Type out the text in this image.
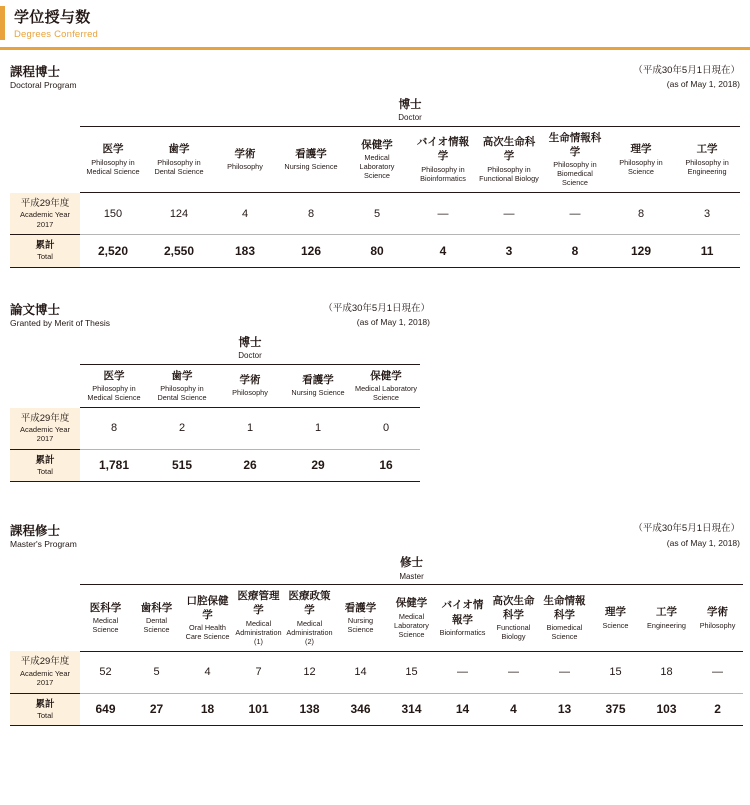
学位授与数
Degrees Conferred
課程博士
Doctoral Program
（平成30年5月1日現在）
(as of May 1, 2018)

	博士
Doctor									

医学
Philosophy in Medical Science

歯学
Philosophy in Dental Science

学術
Philosophy

看護学
Nursing Science

保健学
Medical Laboratory Science

バイオ情報学
Philosophy in Bioinformatics

高次生命科学
Philosophy in Functional Biology

生命情報科学
Philosophy in Biomedical Science

理学
Philosophy in Science

工学
Philosophy in Engineering

平成29年度
Academic Year 2017	150	124	4	8	5	—	—	—	8	3

累計
Total	2,520	2,550	183	126	80	4	3	8	129	11
論文博士
Granted by Merit of Thesis
（平成30年5月1日現在）
(as of May 1, 2018)

	博士
Doctor				

医学
Philosophy in Medical Science

歯学
Philosophy in Dental Science

学術
Philosophy

看護学
Nursing Science

保健学
Medical Laboratory Science

平成29年度
Academic Year 2017	8	2	1	1	0

累計
Total	1,781	515	26	29	16
課程修士
Master's Program
（平成30年5月1日現在）
(as of May 1, 2018)

	修士
Master												

医科学
Medical Science

歯科学
Dental Science

口腔保健学
Oral Health Care Science

医療管理学
Medical Administration (1)

医療政策学
Medical Administration (2)

看護学
Nursing Science

保健学
Medical Laboratory Science

バイオ情報学
Bioinformatics

高次生命科学
Functional Biology

生命情報科学
Biomedical Science

理学
Science

工学
Engineering

学術
Philosophy

平成29年度
Academic Year 2017	52	5	4	7	12	14	15	—	—	—	15	18	—

累計
Total	649	27	18	101	138	346	314	14	4	13	375	103	2
